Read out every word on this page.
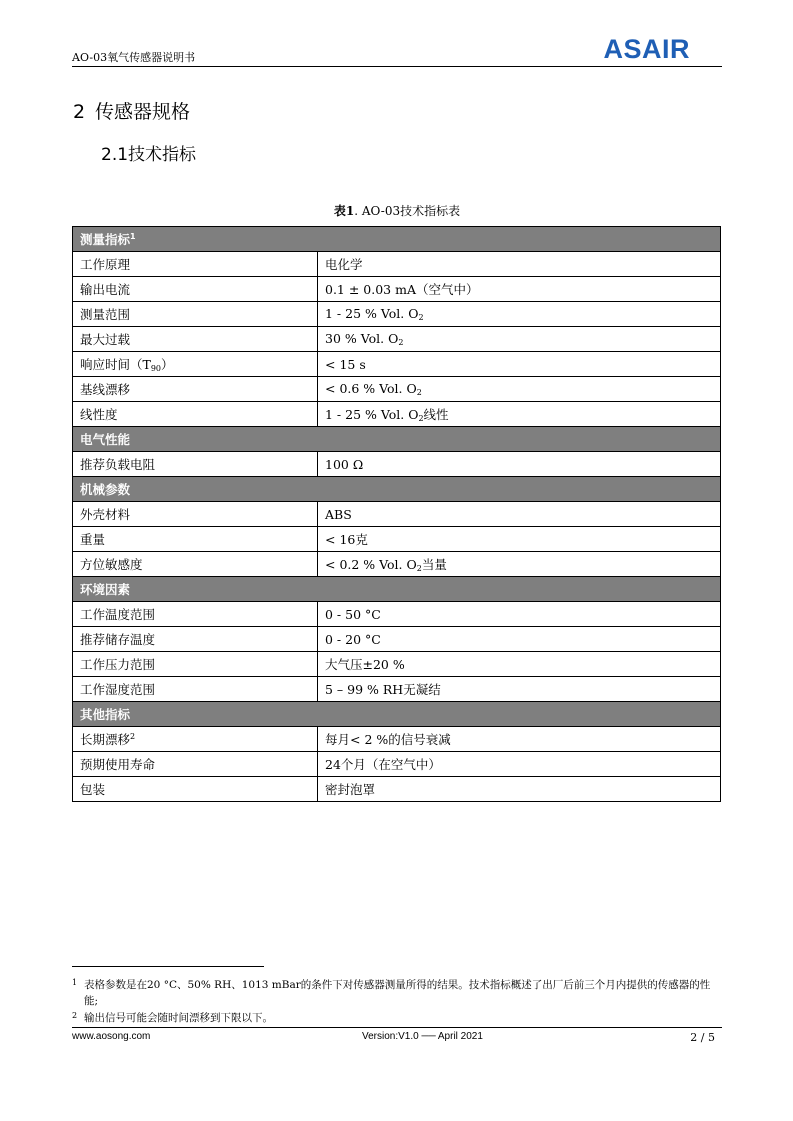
AO-03氧气传感器说明书	ASAIR
2 传感器规格
2.1技术指标
表1. AO-03技术指标表
测量指标$^1$
工作原理	电化学
输出电流	0.1 ± 0.03 mA（空气中）
测量范围	1 - 25 % Vol. $O_2$
最大过载	30 % Vol. $O_2$
响应时间$(T_{90})$	< 15 s
基线漂移	< 0.6 % Vol. $O_2$
线性度	1 - 25 % Vol. $O_2$线性
电气性能	
推荐负载电阻	100 Ω
机械参数	
外壳材料	ABS
重量	< 16克
方位敏感度	< 0.2 % Vol. $O_2$当量
环境因素	
工作温度范围	0 - 50 °C
推荐储存温度	0 - 20 °C
工作压力范围	大气压±20 %
工作湿度范围	5 – 99 % RH无凝结
其他指标	
长期漂移$^2$	每月< 2 %的信号衰减
预期使用寿命	24个月（在空气中）
包装	密封泡罩
1 表格参数是在20 °C、50% RH、1013 mBar的条件下对传感器测量所得的结果。技术指标概述了出厂后前三个月内提供的传感器的性能;
2 输出信号可能会随时间漂移到下限以下。
www.aosong.com	Version:V1.0 ── April 2021	2 / 5
